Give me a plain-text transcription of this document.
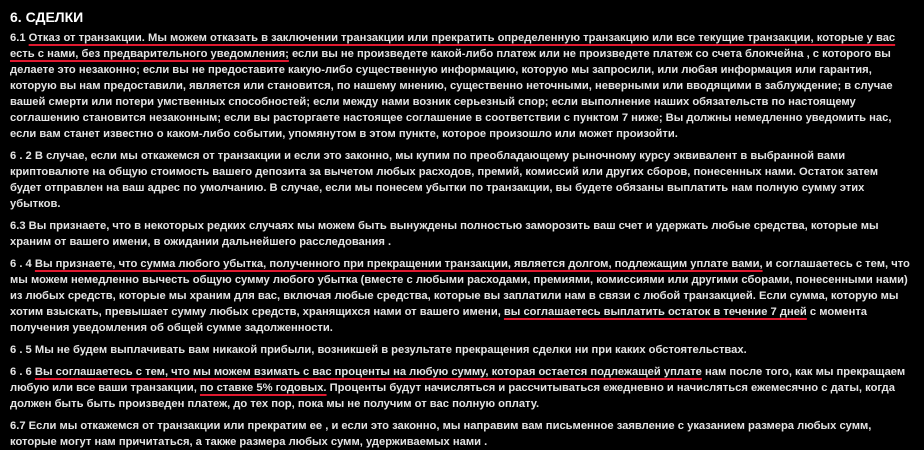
6. СДЕЛКИ

6.1 Отказ от транзакции. Мы можем отказать в заключении транзакции или прекратить определенную транзакцию или все текущие транзакции, которые у вас есть с нами, без предварительного уведомления; если вы не произведете какой-либо платеж или не произведете платеж со счета блокчейна , с которого вы делаете это незаконно; если вы не предоставите какую-либо существенную информацию, которую мы запросили, или любая информация или гарантия, которую вы нам предоставили, является или становится, по нашему мнению, существенно неточными, неверными или вводящими в заблуждение; в случае вашей смерти или потери умственных способностей; если между нами возник серьезный спор; если выполнение наших обязательств по настоящему соглашению становится незаконным; если вы расторгаете настоящее соглашение в соответствии с пунктом 7 ниже; Вы должны немедленно уведомить нас, если вам станет известно о каком-либо событии, упомянутом в этом пункте, которое произошло или может произойти.

6 . 2 В случае, если мы откажемся от транзакции и если это законно, мы купим по преобладающему рыночному курсу эквивалент в выбранной вами криптовалюте на общую стоимость вашего депозита за вычетом любых расходов, премий, комиссий или других сборов, понесенных нами. Остаток затем будет отправлен на ваш адрес по умолчанию. В случае, если мы понесем убытки по транзакции, вы будете обязаны выплатить нам полную сумму этих убытков.

6.3 Вы признаете, что в некоторых редких случаях мы можем быть вынуждены полностью заморозить ваш счет и удержать любые средства, которые мы храним от вашего имени, в ожидании дальнейшего расследования .

6 . 4 Вы признаете, что сумма любого убытка, полученного при прекращении транзакции, является долгом, подлежащим уплате вами, и соглашаетесь с тем, что мы можем немедленно вычесть общую сумму любого убытка (вместе с любыми расходами, премиями, комиссиями или другими сборами, понесенными нами) из любых средств, которые мы храним для вас, включая любые средства, которые вы заплатили нам в связи с любой транзакцией. Если сумма, которую мы хотим взыскать, превышает сумму любых средств, хранящихся нами от вашего имени, вы соглашаетесь выплатить остаток в течение 7 дней с момента получения уведомления об общей сумме задолженности.

6 . 5 Мы не будем выплачивать вам никакой прибыли, возникшей в результате прекращения сделки ни при каких обстоятельствах.

6 . 6 Вы соглашаетесь с тем, что мы можем взимать с вас проценты на любую сумму, которая остается подлежащей уплате нам после того, как мы прекращаем любую или все ваши транзакции, по ставке 5% годовых. Проценты будут начисляться и рассчитываться ежедневно и начисляться ежемесячно с даты, когда должен быть быть произведен платеж, до тех пор, пока мы не получим от вас полную оплату.

6.7 Если мы откажемся от транзакции или прекратим ее , и если это законно, мы направим вам письменное заявление с указанием размера любых сумм, которые могут нам причитаться, а также размера любых сумм, удерживаемых нами .
